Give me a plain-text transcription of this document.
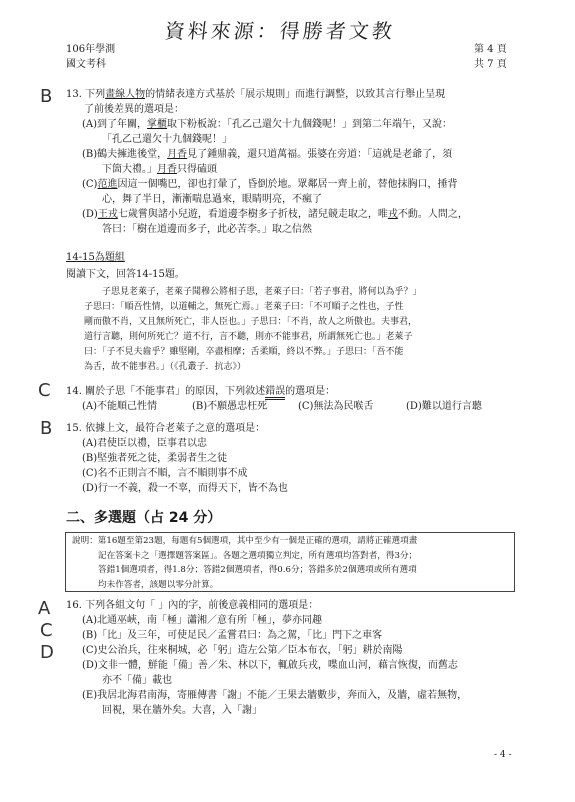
資料來源：得勝者文教
106年學測
國文考科
第 4 頁
共 7 頁
B
C
B
A
C
D
13. 下列畫線人物的情緒表達方式基於「展示規則」而進行調整，以致其言行舉止呈現
了前後差異的選項是：
(A)到了年關，掌櫃取下粉板說：「孔乙己還欠十九個錢呢！」到第二年端午，又說：
「孔乙己還欠十九個錢呢！」
(B)鶴夫擁進後堂，月香見了鍾鼎義，還只道萬福。張婆在旁道：「這就是老爺了，須
下箇大禮。」月香只得磕頭
(C)范進因這一個嘴巴，卻也打暈了，昏倒於地。眾鄰居一齊上前，替他抹胸口，捶背
心，舞了半日，漸漸喘息過來，眼睛明亮，不瘋了
(D)王戎七歲嘗與諸小兒遊，看道邊李樹多子折枝，諸兒競走取之，唯戎不動。人問之，
答曰：「樹在道邊而多子，此必苦李。」取之信然
14-15為題組
閱讀下文，回答14-15題。
子思見老萊子，老萊子聞穆公將相子思，老萊子曰：「若子事君，將何以為乎？」
子思曰：「順吾性情，以道輔之，無死亡焉。」老萊子曰：「不可順子之性也，子性
剛而傲不肖，又且無所死亡，非人臣也。」子思曰：「不肖，故人之所傲也。夫事君，
道行言聽，則何所死亡？道不行，言不聽，則亦不能事君，所謂無死亡也。」老萊子
曰：「子不見夫齒乎？雖堅剛，卒盡相摩；舌柔順，終以不弊。」子思曰：「吾不能
為舌，故不能事君。」（《孔叢子．抗志》）
14. 關於子思「不能事君」的原因，下列敘述錯誤的選項是：
(A)不能順己性情	(B)不願愚忠枉死	(C)無法為民喉舌	(D)難以道行言聽
15. 依據上文，最符合老萊子之意的選項是：
(A)君使臣以禮，臣事君以忠
(B)堅強者死之徒，柔弱者生之徒
(C)名不正則言不順，言不順則事不成
(D)行一不義，殺一不辜，而得天下，皆不為也
二、多選題（占 24 分）
說明：第16題至第23題，每題有5個選項，其中至少有一個是正確的選項，請將正確選項畫
記在答案卡之「選擇題答案區」。各題之選項獨立判定，所有選項均答對者，得3分；
答錯1個選項者，得1.8分；答錯2個選項者，得0.6分；答錯多於2個選項或所有選項
均未作答者，該題以零分計算。
16. 下列各組文句「 」內的字，前後意義相同的選項是：
(A)北通巫峽，南「極」瀟湘／意有所「極」，夢亦同趣
(B)「比」及三年，可使足民／孟嘗君曰：為之駕，「比」門下之車客
(C)史公治兵，往來桐城，必「躬」造左公第／臣本布衣，「躬」耕於南陽
(D)文非一體，鮮能「備」善／朱、林以下，輒啟兵戎，喋血山河，藉言恢復，而舊志
亦不「備」載也
(E)我居北海君南海，寄雁傳書「謝」不能／王果去牆數步，奔而入，及牆，虛若無物，
回視，果在牆外矣。大喜，入「謝」
- 4 -
